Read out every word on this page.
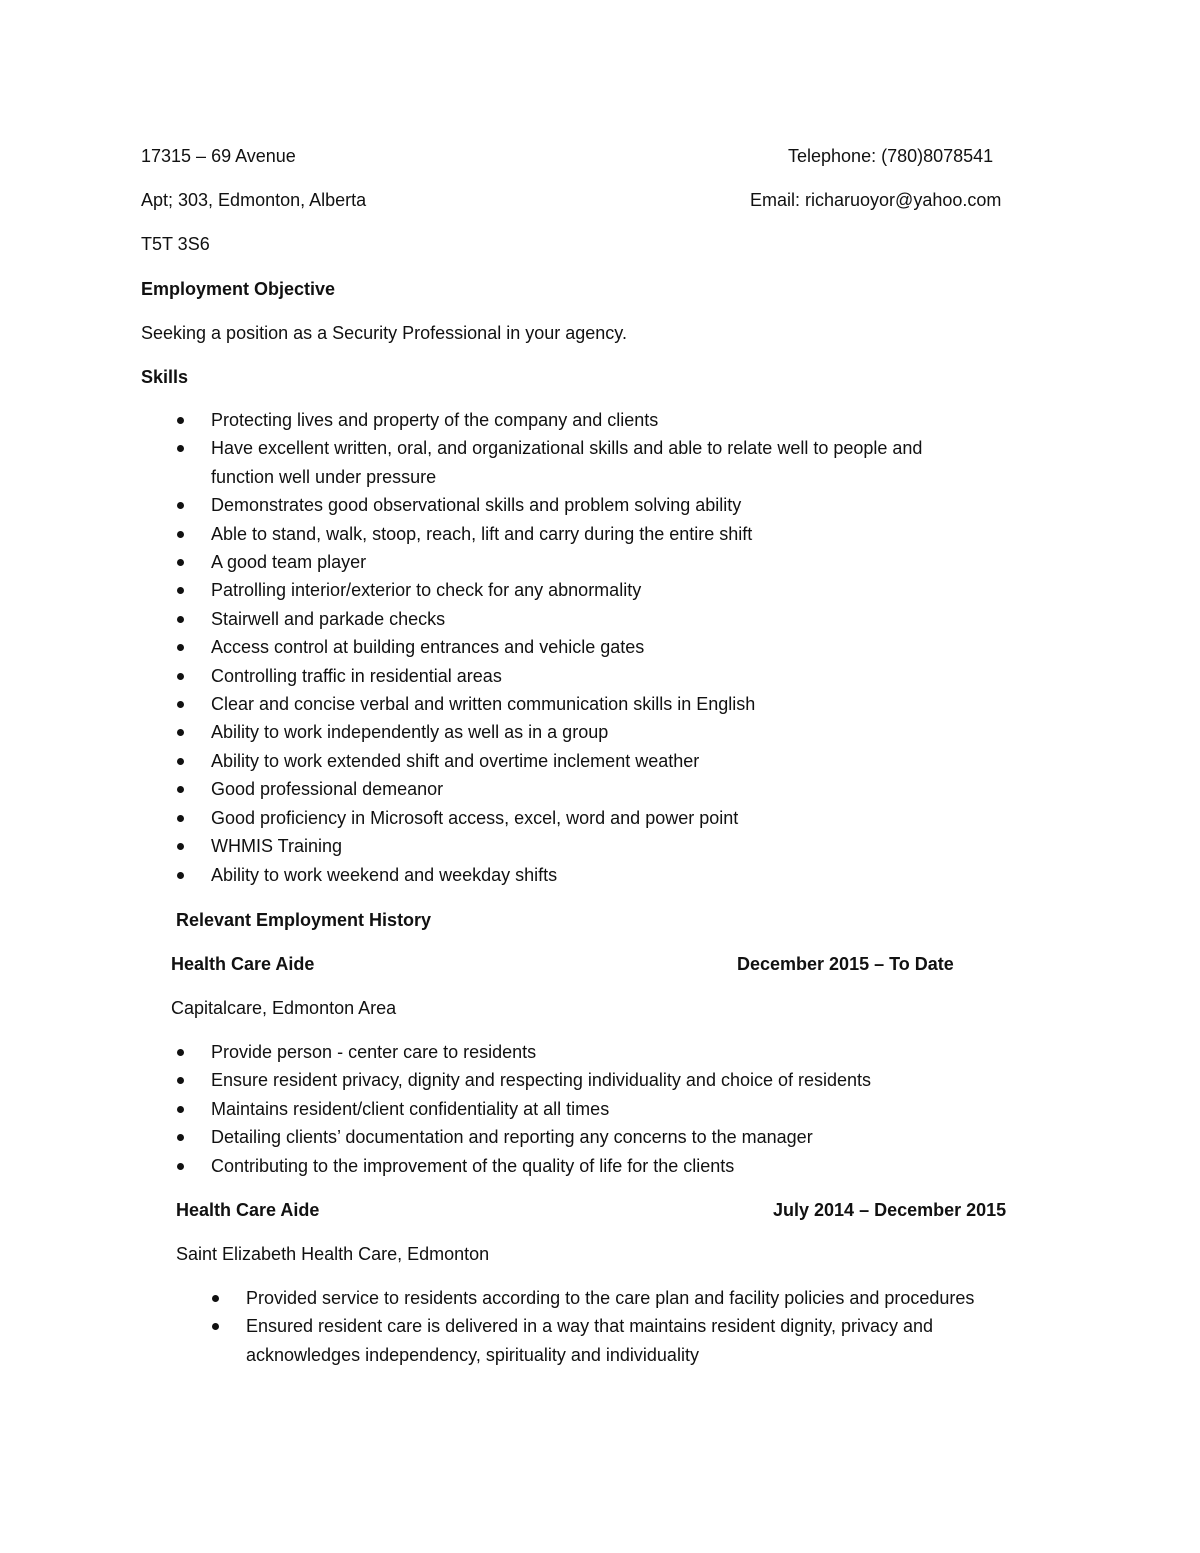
17315 – 69 Avenue
Apt; 303, Edmonton, Alberta
T5T 3S6
Telephone: (780)8078541
Email: richaruoyor@yahoo.com
Employment Objective
Seeking a position as a Security Professional in your agency.
Skills
Protecting lives and property of the company and clients
Have excellent written, oral, and organizational skills and able to relate well to people and
function well under pressure
Demonstrates good observational skills and problem solving ability
Able to stand, walk, stoop, reach, lift and carry during the entire shift
A good team player
Patrolling interior/exterior to check for any abnormality
Stairwell and parkade checks
Access control at building entrances and vehicle gates
Controlling traffic in residential areas
Clear and concise verbal and written communication skills in English
Ability to work independently as well as in a group
Ability to work extended shift and overtime inclement weather
Good professional demeanor
Good proficiency in Microsoft access, excel, word and power point
WHMIS Training
Ability to work weekend and weekday shifts
Relevant Employment History
Health Care Aide	December 2015 – To Date
Capitalcare, Edmonton Area
Provide person - center care to residents
Ensure resident privacy, dignity and respecting individuality and choice of residents
Maintains resident/client confidentiality at all times
Detailing clients’ documentation and reporting any concerns to the manager
Contributing to the improvement of the quality of life for the clients
Health Care Aide	July 2014 – December 2015
Saint Elizabeth Health Care, Edmonton
Provided service to residents according to the care plan and facility policies and procedures
Ensured resident care is delivered in a way that maintains resident dignity, privacy and
acknowledges independency, spirituality and individuality
